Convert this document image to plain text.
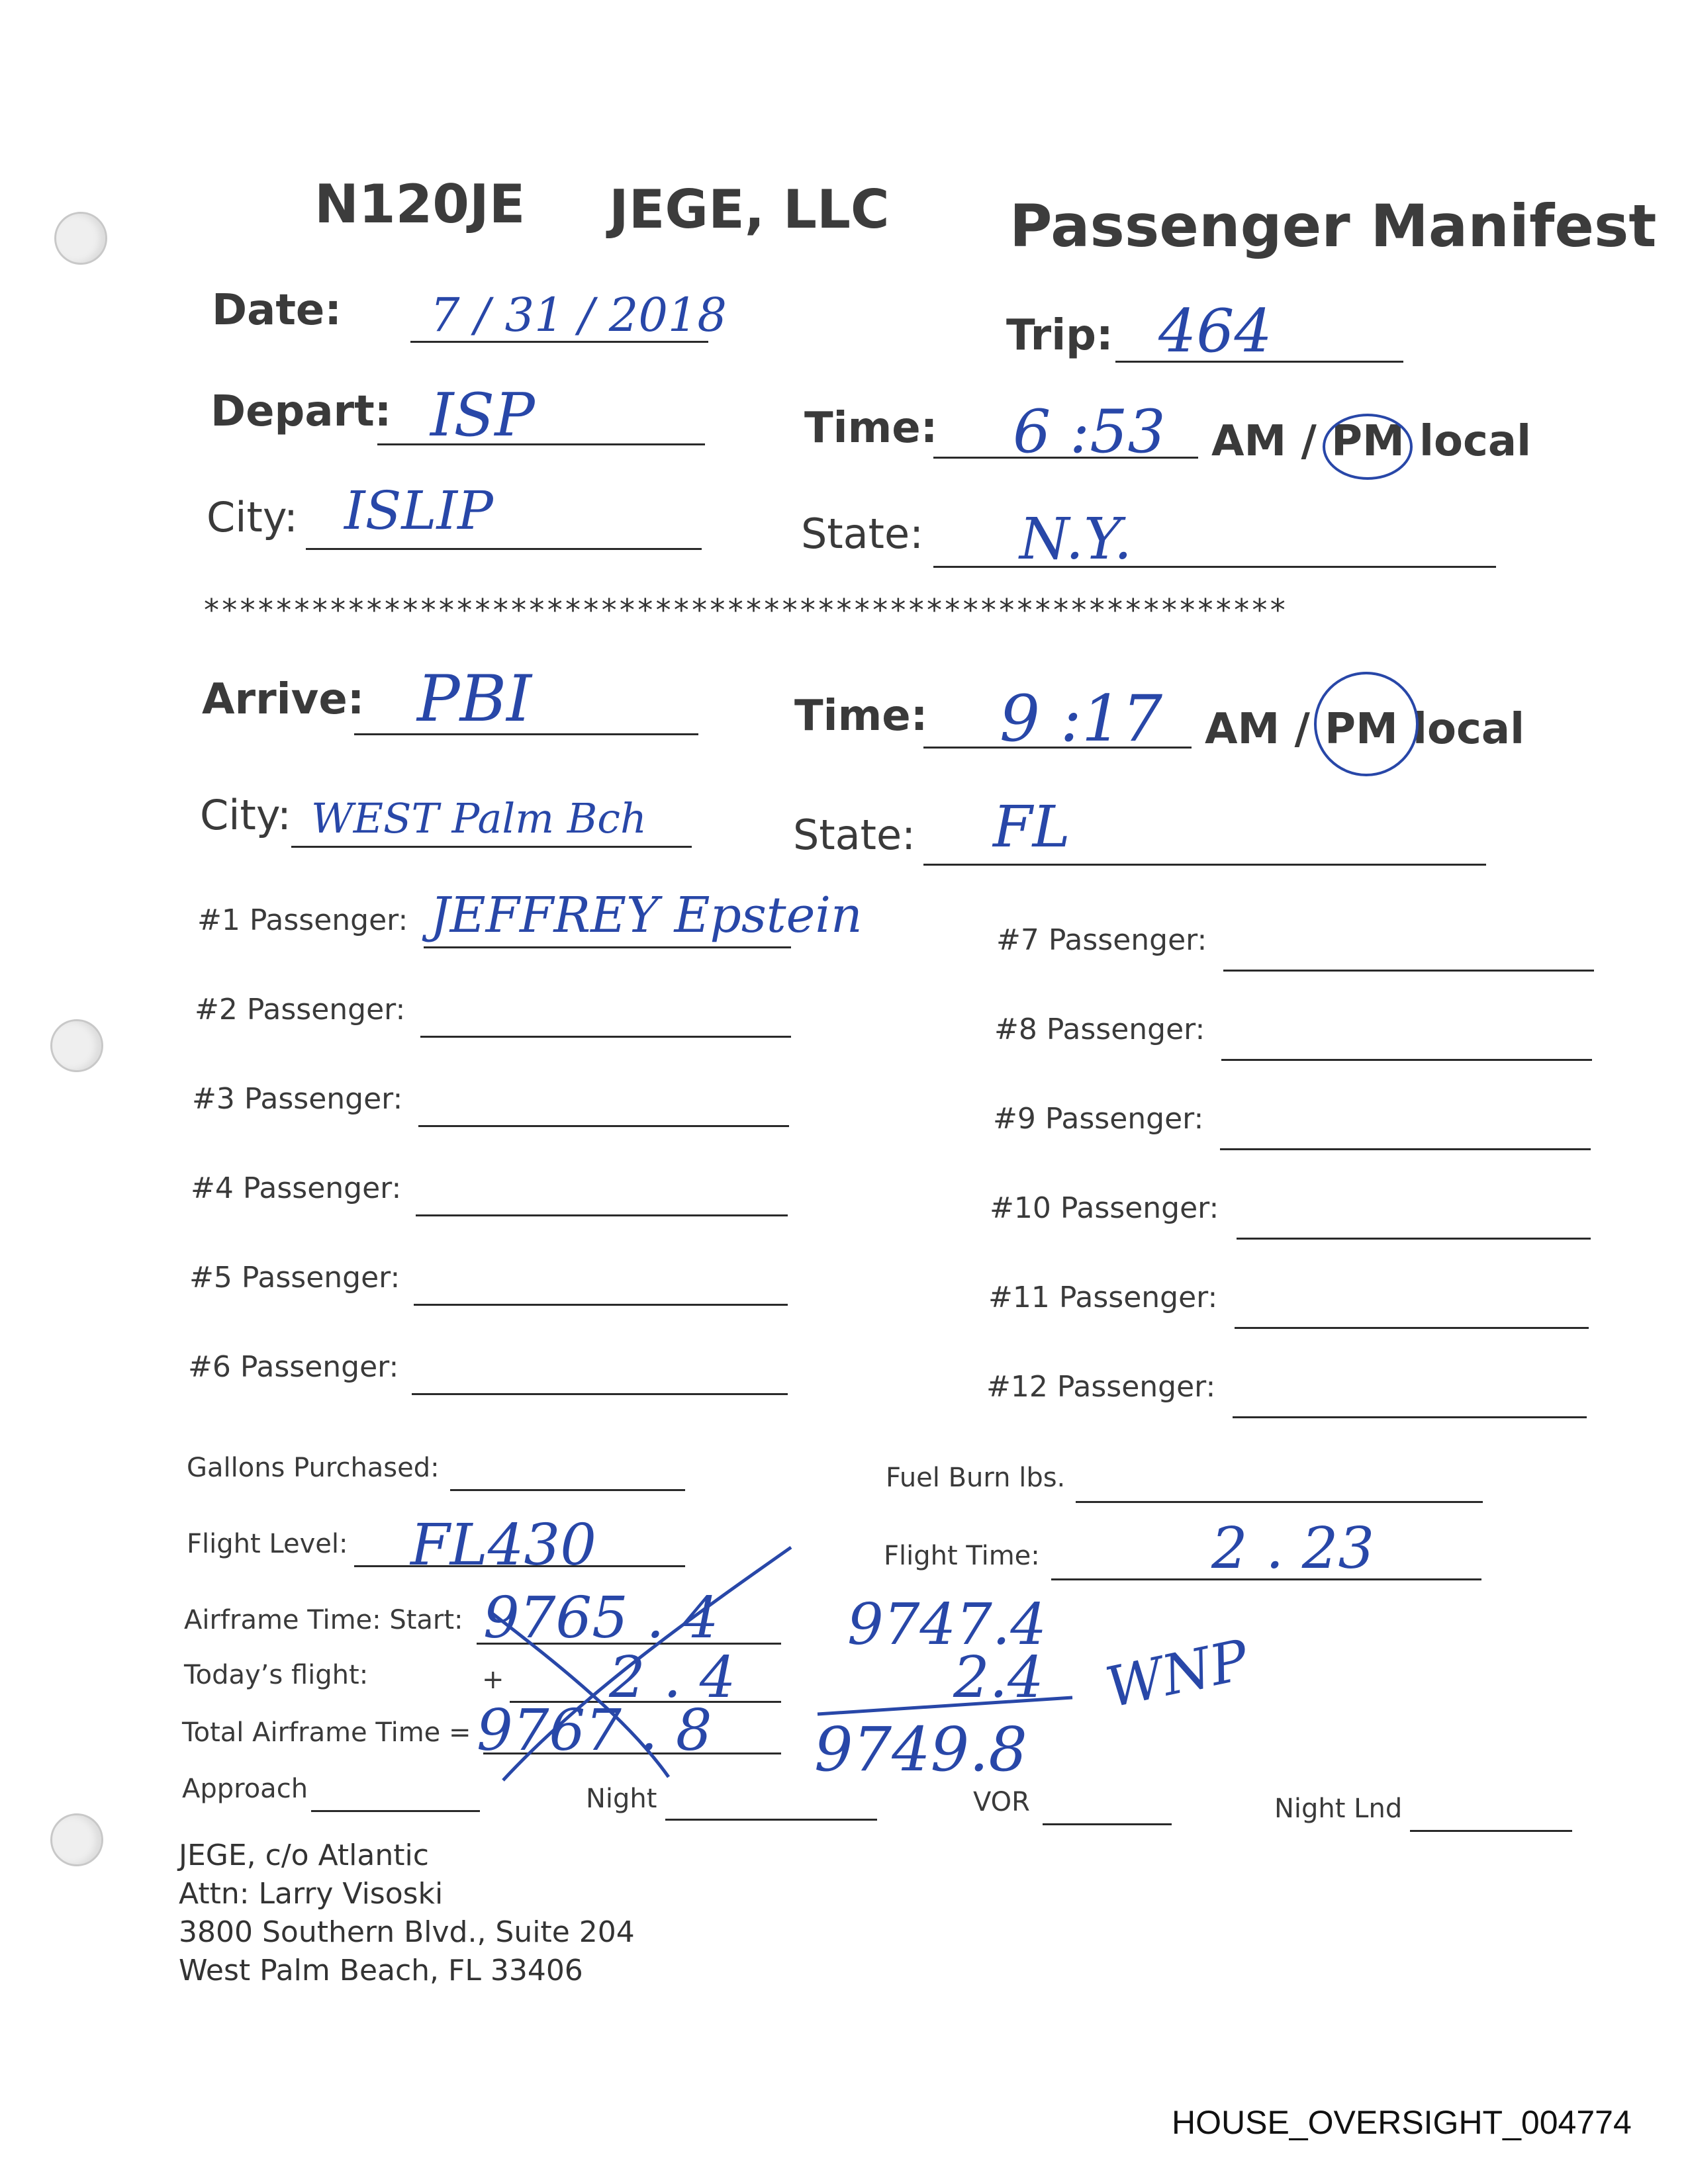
N120JE JEGE, LLC Passenger Manifest
Date: 7 / 31 / 2018	Trip: 464
Depart: ISP	Time: 6 :53 AM / PM local
City: ISLIP	State: N.Y.
************************************************************
Arrive: PBI	Time: 9 :17 AM / PM local
City: WEST Palm Bch	State: FL
#1 Passenger: JEFFREY Epstein
#2 Passenger:
#3 Passenger:
#4 Passenger:
#5 Passenger:
#6 Passenger:
#7 Passenger:
#8 Passenger:
#9 Passenger:
#10 Passenger:
#11 Passenger:
#12 Passenger:
Gallons Purchased:	Fuel Burn lbs.
Flight Level: FL430	Flight Time:	2 . 23
Airframe Time: Start: 9765 . 4 9747.4
Today’s flight:	+ 2 . 4	2.4
Total Airframe Time = 9767 . 8 9749.8
WNP
Approach	Night	VOR	Night Lnd
JEGE, c/o Atlantic
Attn: Larry Visoski
3800 Southern Blvd., Suite 204
West Palm Beach, FL 33406
HOUSE_OVERSIGHT_004774
